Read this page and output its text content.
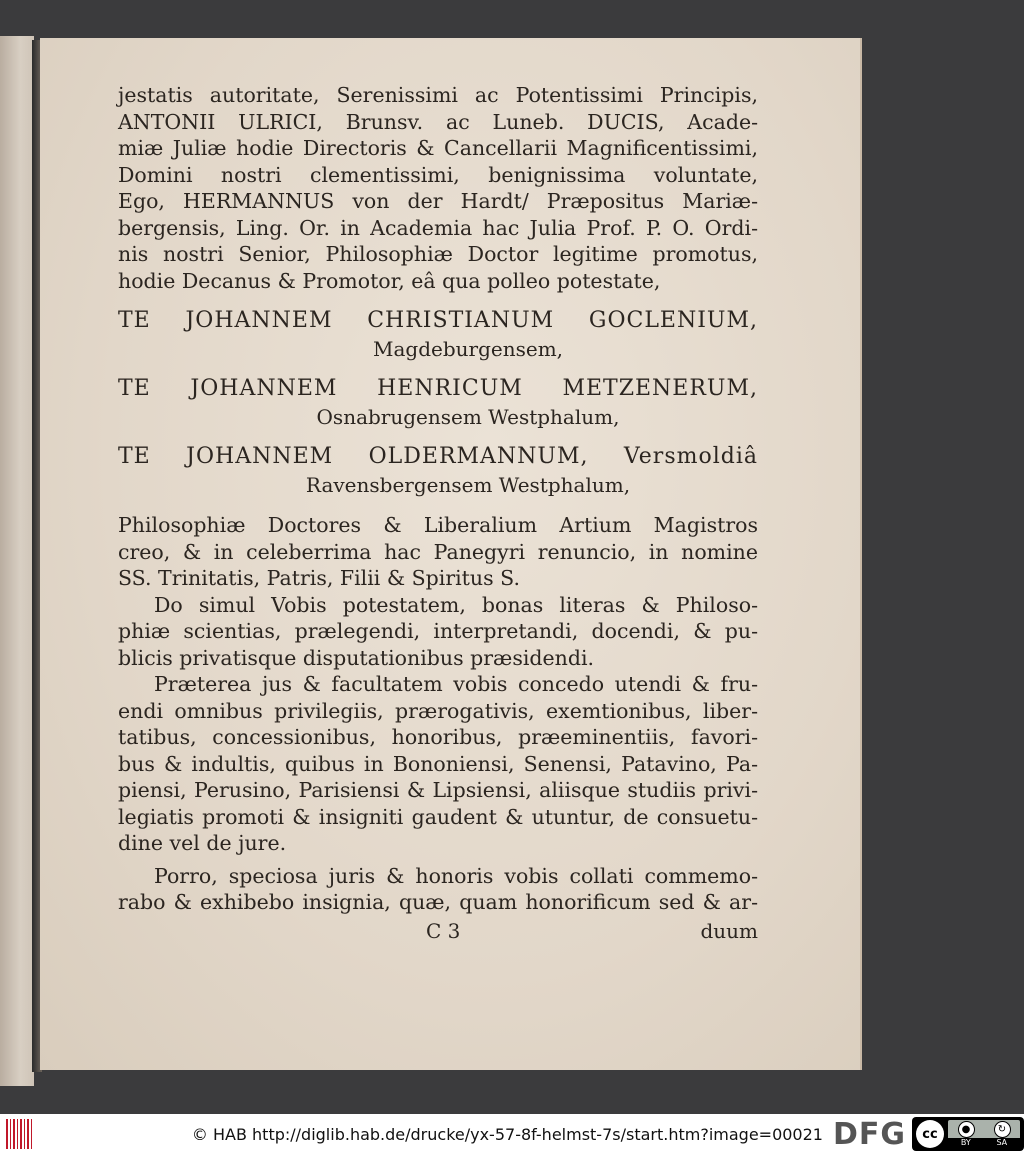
jestatis autoritate, Serenissimi ac Potentissimi Principis,
ANTONII ULRICI, Brunsv. ac Luneb. DUCIS, Acade-
miæ Juliæ hodie Directoris & Cancellarii Magnificentissimi,
Domini nostri clementissimi, benignissima voluntate,
Ego, HERMANNUS von der Hardt/ Præpositus Mariæ-
bergensis, Ling. Or. in Academia hac Julia Prof. P. O. Ordi-
nis nostri Senior, Philosophiæ Doctor legitime promotus,
hodie Decanus & Promotor, eâ qua polleo potestate,
TE JOHANNEM CHRISTIANUM GOCLENIUM,
Magdeburgensem,
TE JOHANNEM HENRICUM METZENERUM,
Osnabrugensem Westphalum,
TE JOHANNEM OLDERMANNUM, Versmoldiâ
Ravensbergensem Westphalum,
Philosophiæ Doctores & Liberalium Artium Magistros
creo, & in celeberrima hac Panegyri renuncio, in nomine
SS. Trinitatis, Patris, Filii & Spiritus S.
Do simul Vobis potestatem, bonas literas & Philoso-
phiæ scientias, prælegendi, interpretandi, docendi, & pu-
blicis privatisque disputationibus præsidendi.
Præterea jus & facultatem vobis concedo utendi & fru-
endi omnibus privilegiis, prærogativis, exemtionibus, liber-
tatibus, concessionibus, honoribus, præeminentiis, favori-
bus & indultis, quibus in Bononiensi, Senensi, Patavino, Pa-
piensi, Perusino, Parisiensi & Lipsiensi, aliisque studiis privi-
legiatis promoti & insigniti gaudent & utuntur, de consuetu-
dine vel de jure.
Porro, speciosa juris & honoris vobis collati commemo-
rabo & exhibebo insignia, quæ, quam honorificum sed & ar-
C 3	duum
© HAB http://diglib.hab.de/drucke/yx-57-8f-helmst-7s/start.htm?image=00021 DFG	cc	●	↻
BY	SA
